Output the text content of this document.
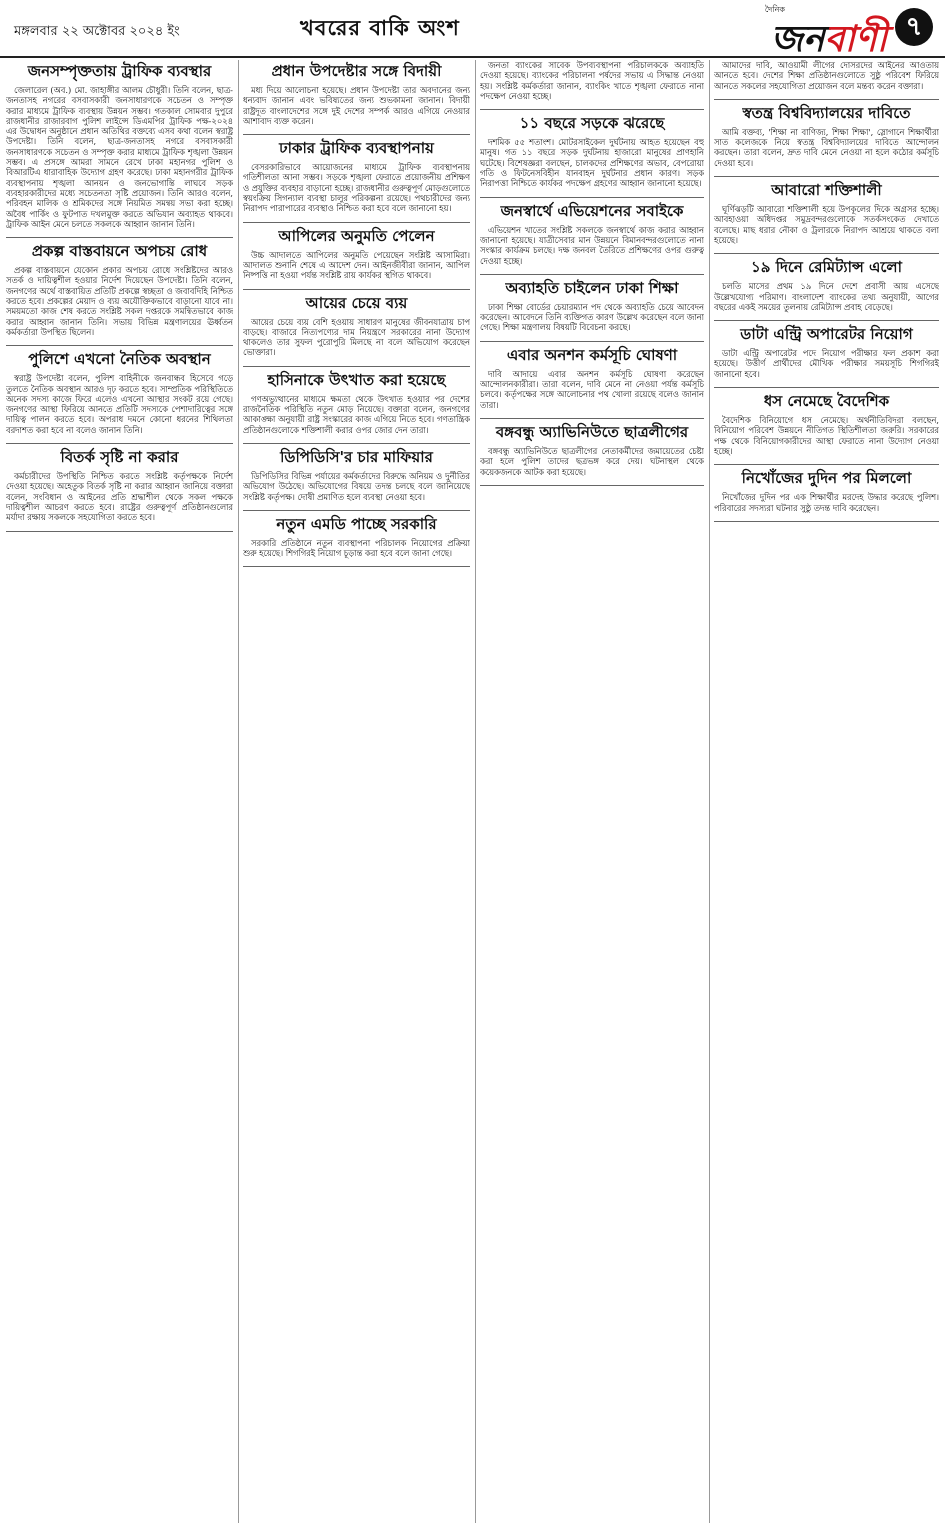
মঙ্গলবার ২২ অক্টোবর ২০২৪ ইং	খবরের বাকি অংশ
দৈনিক
জনবাণী ৭
জনসম্পৃক্ততায় ট্রাফিক ব্যবস্থার

জেলারেল (অব.) মো. জাহাঙ্গীর আলম চৌধুরী। তিনি বলেন, ছাত্র-জনতাসহ নগরের বসবাসকারী জনসাধারণকে সচেতন ও সম্পৃক্ত করার মাধ্যমে ট্রাফিক ব্যবস্থায় উন্নয়ন সম্ভব। গতকাল সোমবার দুপুরে রাজধানীর রাজারবাগ পুলিশ লাইন্সে ডিএমপির ট্রাফিক পক্ষ-২০২৪ এর উদ্বোধন অনুষ্ঠানে প্রধান অতিথির বক্তব্যে এসব কথা বলেন স্বরাষ্ট্র উপদেষ্টা। তিনি বলেন, ছাত্র-জনতাসহ নগরে বসবাসকারী জনসাধারণকে সচেতন ও সম্পৃক্ত করার মাধ্যমে ট্রাফিক শৃঙ্খলা উন্নয়ন সম্ভব। এ প্রসঙ্গে আমরা সামনে রেখে ঢাকা মহানগর পুলিশ ও বিআরটিএ ধারাবাহিক উদ্যোগ গ্রহণ করেছে। ঢাকা মহানগরীর ট্রাফিক ব্যবস্থাপনায় শৃঙ্খলা আনয়ন ও জনভোগান্তি লাঘবে সড়ক ব্যবহারকারীদের মধ্যে সচেতনতা সৃষ্টি প্রয়োজন। তিনি আরও বলেন, পরিবহন মালিক ও শ্রমিকদের সঙ্গে নিয়মিত সমন্বয় সভা করা হচ্ছে। অবৈধ পার্কিং ও ফুটপাত দখলমুক্ত করতে অভিযান অব্যাহত থাকবে। ট্রাফিক আইন মেনে চলতে সকলকে আহ্বান জানান তিনি।

প্রকল্প বাস্তবায়নে অপচয় রোধ

প্রকল্প বাস্তবায়নে যেকোন প্রকার অপচয় রোধে সংশ্লিষ্টদের আরও সতর্ক ও দায়িত্বশীল হওয়ার নির্দেশ দিয়েছেন উপদেষ্টা। তিনি বলেন, জনগণের অর্থে বাস্তবায়িত প্রতিটি প্রকল্পে স্বচ্ছতা ও জবাবদিহি নিশ্চিত করতে হবে। প্রকল্পের মেয়াদ ও ব্যয় অযৌক্তিকভাবে বাড়ানো যাবে না। সময়মতো কাজ শেষ করতে সংশ্লিষ্ট সকল দপ্তরকে সমন্বিতভাবে কাজ করার আহ্বান জানান তিনি। সভায় বিভিন্ন মন্ত্রণালয়ের ঊর্ধ্বতন কর্মকর্তারা উপস্থিত ছিলেন।

পুলিশে এখনো নৈতিক অবস্থান

স্বরাষ্ট্র উপদেষ্টা বলেন, পুলিশ বাহিনীকে জনবান্ধব হিসেবে গড়ে তুলতে নৈতিক অবস্থান আরও দৃঢ় করতে হবে। সাম্প্রতিক পরিস্থিতিতে অনেক সদস্য কাজে ফিরে এলেও এখনো আস্থার সংকট রয়ে গেছে। জনগণের আস্থা ফিরিয়ে আনতে প্রতিটি সদস্যকে পেশাদারিত্বের সঙ্গে দায়িত্ব পালন করতে হবে। অপরাধ দমনে কোনো ধরনের শিথিলতা বরদাশত করা হবে না বলেও জানান তিনি।

বিতর্ক সৃষ্টি না করার

কর্মচারীদের উপস্থিতি নিশ্চিত করতে সংশ্লিষ্ট কর্তৃপক্ষকে নির্দেশ দেওয়া হয়েছে। অহেতুক বিতর্ক সৃষ্টি না করার আহ্বান জানিয়ে বক্তারা বলেন, সংবিধান ও আইনের প্রতি শ্রদ্ধাশীল থেকে সকল পক্ষকে দায়িত্বশীল আচরণ করতে হবে। রাষ্ট্রের গুরুত্বপূর্ণ প্রতিষ্ঠানগুলোর মর্যাদা রক্ষায় সকলকে সহযোগিতা করতে হবে।

প্রধান উপদেষ্টার সঙ্গে বিদায়ী

মধ্য দিয়ে আলোচনা হয়েছে। প্রধান উপদেষ্টা তার অবদানের জন্য ধন্যবাদ জানান এবং ভবিষ্যতের জন্য শুভকামনা জানান। বিদায়ী রাষ্ট্রদূত বাংলাদেশের সঙ্গে দুই দেশের সম্পর্ক আরও এগিয়ে নেওয়ার আশাবাদ ব্যক্ত করেন।

ঢাকার ট্রাফিক ব্যবস্থাপনায়

বেসরকারিভাবে আয়োজনের মাধ্যমে ট্রাফিক ব্যবস্থাপনায় গতিশীলতা আনা সম্ভব। সড়কে শৃঙ্খলা ফেরাতে প্রয়োজনীয় প্রশিক্ষণ ও প্রযুক্তির ব্যবহার বাড়ানো হচ্ছে। রাজধানীর গুরুত্বপূর্ণ মোড়গুলোতে স্বয়ংক্রিয় সিগন্যাল ব্যবস্থা চালুর পরিকল্পনা রয়েছে। পথচারীদের জন্য নিরাপদ পারাপারের ব্যবস্থাও নিশ্চিত করা হবে বলে জানানো হয়।

আপিলের অনুমতি পেলেন

উচ্চ আদালতে আপিলের অনুমতি পেয়েছেন সংশ্লিষ্ট আসামিরা। আদালত শুনানি শেষে এ আদেশ দেন। আইনজীবীরা জানান, আপিল নিষ্পত্তি না হওয়া পর্যন্ত সংশ্লিষ্ট রায় কার্যকর স্থগিত থাকবে।

আয়ের চেয়ে ব্যয়

আয়ের চেয়ে ব্যয় বেশি হওয়ায় সাধারণ মানুষের জীবনযাত্রায় চাপ বাড়ছে। বাজারে নিত্যপণ্যের দাম নিয়ন্ত্রণে সরকারের নানা উদ্যোগ থাকলেও তার সুফল পুরোপুরি মিলছে না বলে অভিযোগ করেছেন ভোক্তারা।

হাসিনাকে উৎখাত করা হয়েছে

গণঅভ্যুত্থানের মাধ্যমে ক্ষমতা থেকে উৎখাত হওয়ার পর দেশের রাজনৈতিক পরিস্থিতি নতুন মোড় নিয়েছে। বক্তারা বলেন, জনগণের আকাঙ্ক্ষা অনুযায়ী রাষ্ট্র সংস্কারের কাজ এগিয়ে নিতে হবে। গণতান্ত্রিক প্রতিষ্ঠানগুলোকে শক্তিশালী করার ওপর জোর দেন তারা।

ডিপিডিসি'র চার মাফিয়ার

ডিপিডিসির বিভিন্ন পর্যায়ের কর্মকর্তাদের বিরুদ্ধে অনিয়ম ও দুর্নীতির অভিযোগ উঠেছে। অভিযোগের বিষয়ে তদন্ত চলছে বলে জানিয়েছে সংশ্লিষ্ট কর্তৃপক্ষ। দোষী প্রমাণিত হলে ব্যবস্থা নেওয়া হবে।

নতুন এমডি পাচ্ছে সরকারি

সরকারি প্রতিষ্ঠানে নতুন ব্যবস্থাপনা পরিচালক নিয়োগের প্রক্রিয়া শুরু হয়েছে। শিগগিরই নিয়োগ চূড়ান্ত করা হবে বলে জানা গেছে।

জনতা ব্যাংকের সাবেক উপব্যবস্থাপনা পরিচালককে অব্যাহতি দেওয়া হয়েছে। ব্যাংকের পরিচালনা পর্ষদের সভায় এ সিদ্ধান্ত নেওয়া হয়। সংশ্লিষ্ট কর্মকর্তারা জানান, ব্যাংকিং খাতে শৃঙ্খলা ফেরাতে নানা পদক্ষেপ নেওয়া হচ্ছে।

১১ বছরে সড়কে ঝরেছে

দশমিক ৫৫ শতাংশ। মোটরসাইকেল দুর্ঘটনায় আহত হয়েছেন বহু মানুষ। গত ১১ বছরে সড়ক দুর্ঘটনায় হাজারো মানুষের প্রাণহানি ঘটেছে। বিশেষজ্ঞরা বলছেন, চালকদের প্রশিক্ষণের অভাব, বেপরোয়া গতি ও ফিটনেসবিহীন যানবাহন দুর্ঘটনার প্রধান কারণ। সড়ক নিরাপত্তা নিশ্চিতে কার্যকর পদক্ষেপ গ্রহণের আহ্বান জানানো হয়েছে।

জনস্বার্থে এভিয়েশনের সবাইকে

এভিয়েশন খাতের সংশ্লিষ্ট সকলকে জনস্বার্থে কাজ করার আহ্বান জানানো হয়েছে। যাত্রীসেবার মান উন্নয়নে বিমানবন্দরগুলোতে নানা সংস্কার কার্যক্রম চলছে। দক্ষ জনবল তৈরিতে প্রশিক্ষণের ওপর গুরুত্ব দেওয়া হচ্ছে।

অব্যাহতি চাইলেন ঢাকা শিক্ষা

ঢাকা শিক্ষা বোর্ডের চেয়ারম্যান পদ থেকে অব্যাহতি চেয়ে আবেদন করেছেন। আবেদনে তিনি ব্যক্তিগত কারণ উল্লেখ করেছেন বলে জানা গেছে। শিক্ষা মন্ত্রণালয় বিষয়টি বিবেচনা করছে।

এবার অনশন কর্মসূচি ঘোষণা

দাবি আদায়ে এবার অনশন কর্মসূচি ঘোষণা করেছেন আন্দোলনকারীরা। তারা বলেন, দাবি মেনে না নেওয়া পর্যন্ত কর্মসূচি চলবে। কর্তৃপক্ষের সঙ্গে আলোচনার পথ খোলা রয়েছে বলেও জানান তারা।

বঙ্গবন্ধু অ্যাভিনিউতে ছাত্রলীগের

বঙ্গবন্ধু অ্যাভিনিউতে ছাত্রলীগের নেতাকর্মীদের জমায়েতের চেষ্টা করা হলে পুলিশ তাদের ছত্রভঙ্গ করে দেয়। ঘটনাস্থল থেকে কয়েকজনকে আটক করা হয়েছে।

আমাদের দাবি, আওয়ামী লীগের দোসরদের আইনের আওতায় আনতে হবে। দেশের শিক্ষা প্রতিষ্ঠানগুলোতে সুষ্ঠু পরিবেশ ফিরিয়ে আনতে সকলের সহযোগিতা প্রয়োজন বলে মন্তব্য করেন বক্তারা।

স্বতন্ত্র বিশ্ববিদ্যালয়ের দাবিতে

আমি বক্তব্য, 'শিক্ষা না বাণিজ্য, শিক্ষা শিক্ষা', স্লোগানে শিক্ষার্থীরা সাত কলেজকে নিয়ে স্বতন্ত্র বিশ্ববিদ্যালয়ের দাবিতে আন্দোলন করছেন। তারা বলেন, দ্রুত দাবি মেনে নেওয়া না হলে কঠোর কর্মসূচি দেওয়া হবে।

আবারো শক্তিশালী

ঘূর্ণিঝড়টি আবারো শক্তিশালী হয়ে উপকূলের দিকে অগ্রসর হচ্ছে। আবহাওয়া অধিদপ্তর সমুদ্রবন্দরগুলোকে সতর্কসংকেত দেখাতে বলেছে। মাছ ধরার নৌকা ও ট্রলারকে নিরাপদ আশ্রয়ে থাকতে বলা হয়েছে।

১৯ দিনে রেমিট্যান্স এলো

চলতি মাসের প্রথম ১৯ দিনে দেশে প্রবাসী আয় এসেছে উল্লেখযোগ্য পরিমাণ। বাংলাদেশ ব্যাংকের তথ্য অনুযায়ী, আগের বছরের একই সময়ের তুলনায় রেমিট্যান্স প্রবাহ বেড়েছে।

ডাটা এন্ট্রি অপারেটর নিয়োগ

ডাটা এন্ট্রি অপারেটর পদে নিয়োগ পরীক্ষার ফল প্রকাশ করা হয়েছে। উত্তীর্ণ প্রার্থীদের মৌখিক পরীক্ষার সময়সূচি শিগগিরই জানানো হবে।

ধস নেমেছে বৈদেশিক

বৈদেশিক বিনিয়োগে ধস নেমেছে। অর্থনীতিবিদরা বলছেন, বিনিয়োগ পরিবেশ উন্নয়নে নীতিগত স্থিতিশীলতা জরুরি। সরকারের পক্ষ থেকে বিনিয়োগকারীদের আস্থা ফেরাতে নানা উদ্যোগ নেওয়া হচ্ছে।

নিখোঁজের দুদিন পর মিললো

নিখোঁজের দুদিন পর এক শিক্ষার্থীর মরদেহ উদ্ধার করেছে পুলিশ। পরিবারের সদস্যরা ঘটনার সুষ্ঠু তদন্ত দাবি করেছেন।
